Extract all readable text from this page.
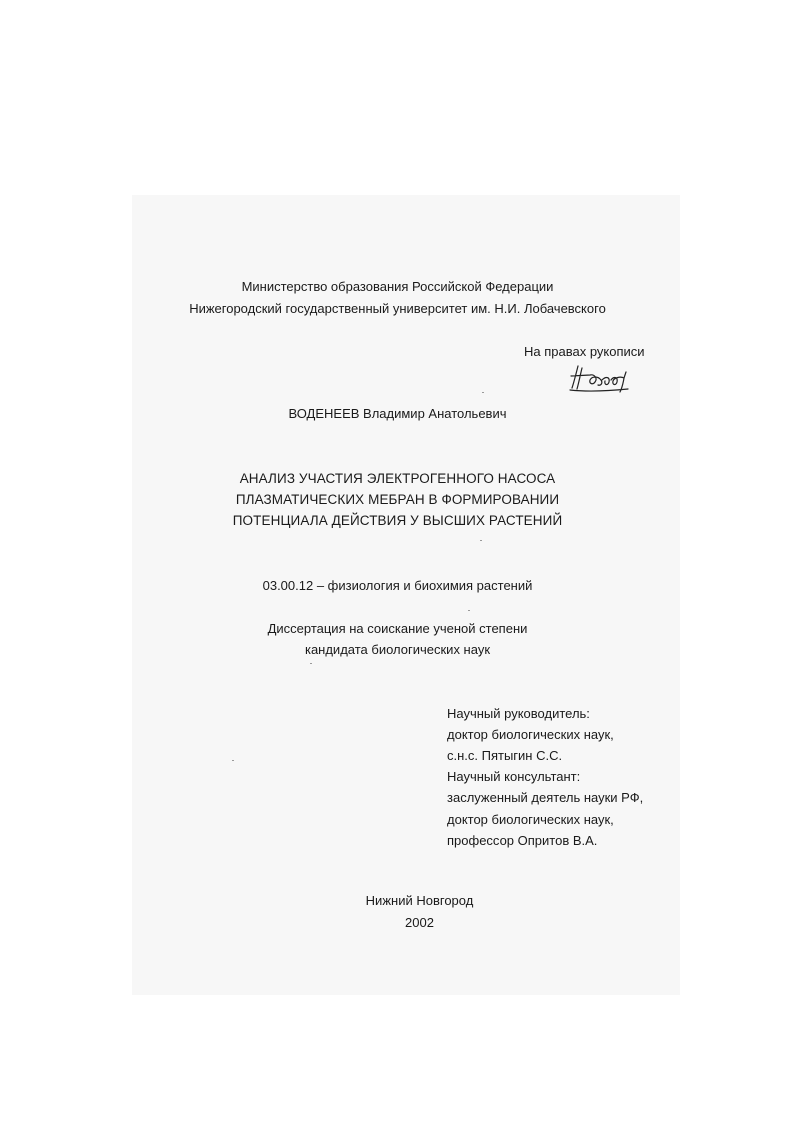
Министерство образования Российской Федерации
Нижегородский государственный университет им. Н.И. Лобачевского
На правах рукописи
ВОДЕНЕЕВ Владимир Анатольевич
АНАЛИЗ УЧАСТИЯ ЭЛЕКТРОГЕННОГО НАСОСА
ПЛАЗМАТИЧЕСКИХ МЕБРАН В ФОРМИРОВАНИИ
ПОТЕНЦИАЛА ДЕЙСТВИЯ У ВЫСШИХ РАСТЕНИЙ
03.00.12 – физиология и биохимия растений
Диссертация на соискание ученой степени
кандидата биологических наук
Научный руководитель:
доктор биологических наук,
с.н.с. Пятыгин С.С.
Научный консультант:
заслуженный деятель науки РФ,
доктор биологических наук,
профессор Опритов В.А.
Нижний Новгород
2002
